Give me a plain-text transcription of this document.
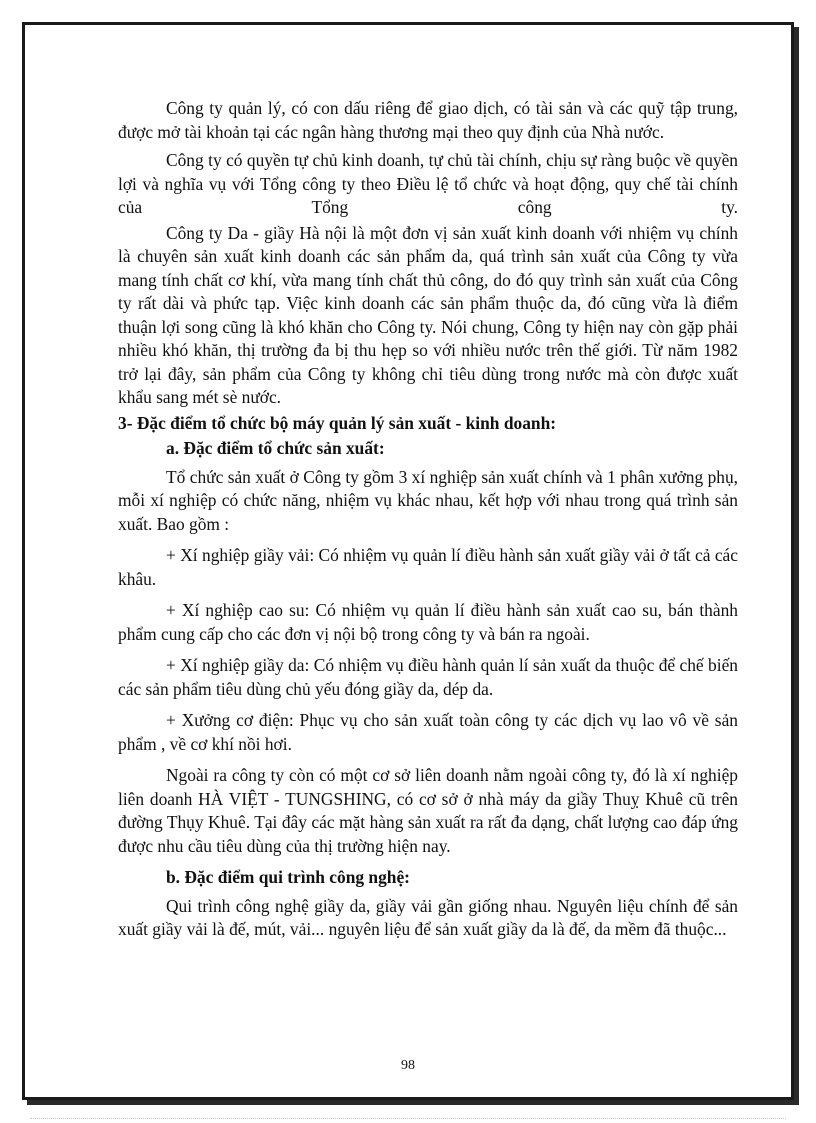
Công ty quản lý, có con dấu riêng để giao dịch, có tài sản và các quỹ tập trung, được mở tài khoản tại các ngân hàng thương mại theo quy định của Nhà nước.

Công ty có quyền tự chủ kinh doanh, tự chủ tài chính, chịu sự ràng buộc về quyền lợi và nghĩa vụ với Tổng công ty theo Điều lệ tổ chức và hoạt động, quy chế tài chính của Tổng công ty.

Công ty Da - giầy Hà nội là một đơn vị sản xuất kinh doanh với nhiệm vụ chính là chuyên sản xuất kinh doanh các sản phẩm da, quá trình sản xuất của Công ty vừa mang tính chất cơ khí, vừa mang tính chất thủ công, do đó quy trình sản xuất của Công ty rất dài và phức tạp. Việc kinh doanh các sản phẩm thuộc da, đó cũng vừa là điểm thuận lợi song cũng là khó khăn cho Công ty. Nói chung, Công ty hiện nay còn gặp phải nhiều khó khăn, thị trường đa bị thu hẹp so với nhiều nước trên thế giới. Từ năm 1982 trở lại đây, sản phẩm của Công ty không chỉ tiêu dùng trong nước mà còn được xuất khẩu sang mét sè nước.

3- Đặc điểm tổ chức bộ máy quản lý sản xuất - kinh doanh:

a. Đặc điểm tổ chức sản xuất:

Tổ chức sản xuất ở Công ty gồm 3 xí nghiệp sản xuất chính và 1 phân xưởng phụ, mỗi xí nghiệp có chức năng, nhiệm vụ khác nhau, kết hợp với nhau trong quá trình sản xuất. Bao gồm :

+ Xí nghiệp giầy vải: Có nhiệm vụ quản lí điều hành sản xuất giầy vải ở tất cả các khâu.

+ Xí nghiệp cao su: Có nhiệm vụ quản lí điều hành sản xuất cao su, bán thành phẩm cung cấp cho các đơn vị nội bộ trong công ty và bán ra ngoài.

+ Xí nghiệp giầy da: Có nhiệm vụ điều hành quản lí sản xuất da thuộc để chế biến các sản phẩm tiêu dùng chủ yếu đóng giầy da, dép da.

+ Xưởng cơ điện: Phục vụ cho sản xuất toàn công ty các dịch vụ lao vô về sản phẩm , về cơ khí nồi hơi.

Ngoài ra công ty còn có một cơ sở liên doanh nằm ngoài công ty, đó là xí nghiệp liên doanh HÀ VIỆT - TUNGSHING, có cơ sở ở nhà máy da giầy Thuỵ Khuê cũ trên đường Thụy Khuê. Tại đây các mặt hàng sản xuất ra rất đa dạng, chất lượng cao đáp ứng được nhu cầu tiêu dùng của thị trường hiện nay.

b. Đặc điểm qui trình công nghệ:

Qui trình công nghệ giầy da, giầy vải gần giống nhau. Nguyên liệu chính để sản xuất giầy vải là đế, mút, vải... nguyên liệu để sản xuất giầy da là đế, da mềm đã thuộc...

98
